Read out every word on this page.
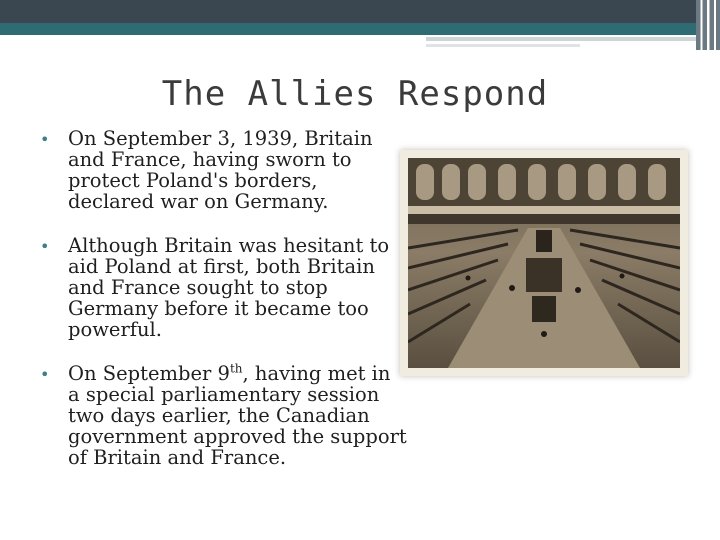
The Allies Respond
• On September 3, 1939, Britain and France, having sworn to protect Poland's borders, declared war on Germany.
• Although Britain was hesitant to aid Poland at first, both Britain and France sought to stop Germany before it became too powerful.
• On September 9th, having met in a special parliamentary session two days earlier, the Canadian government approved the support of Britain and France.
